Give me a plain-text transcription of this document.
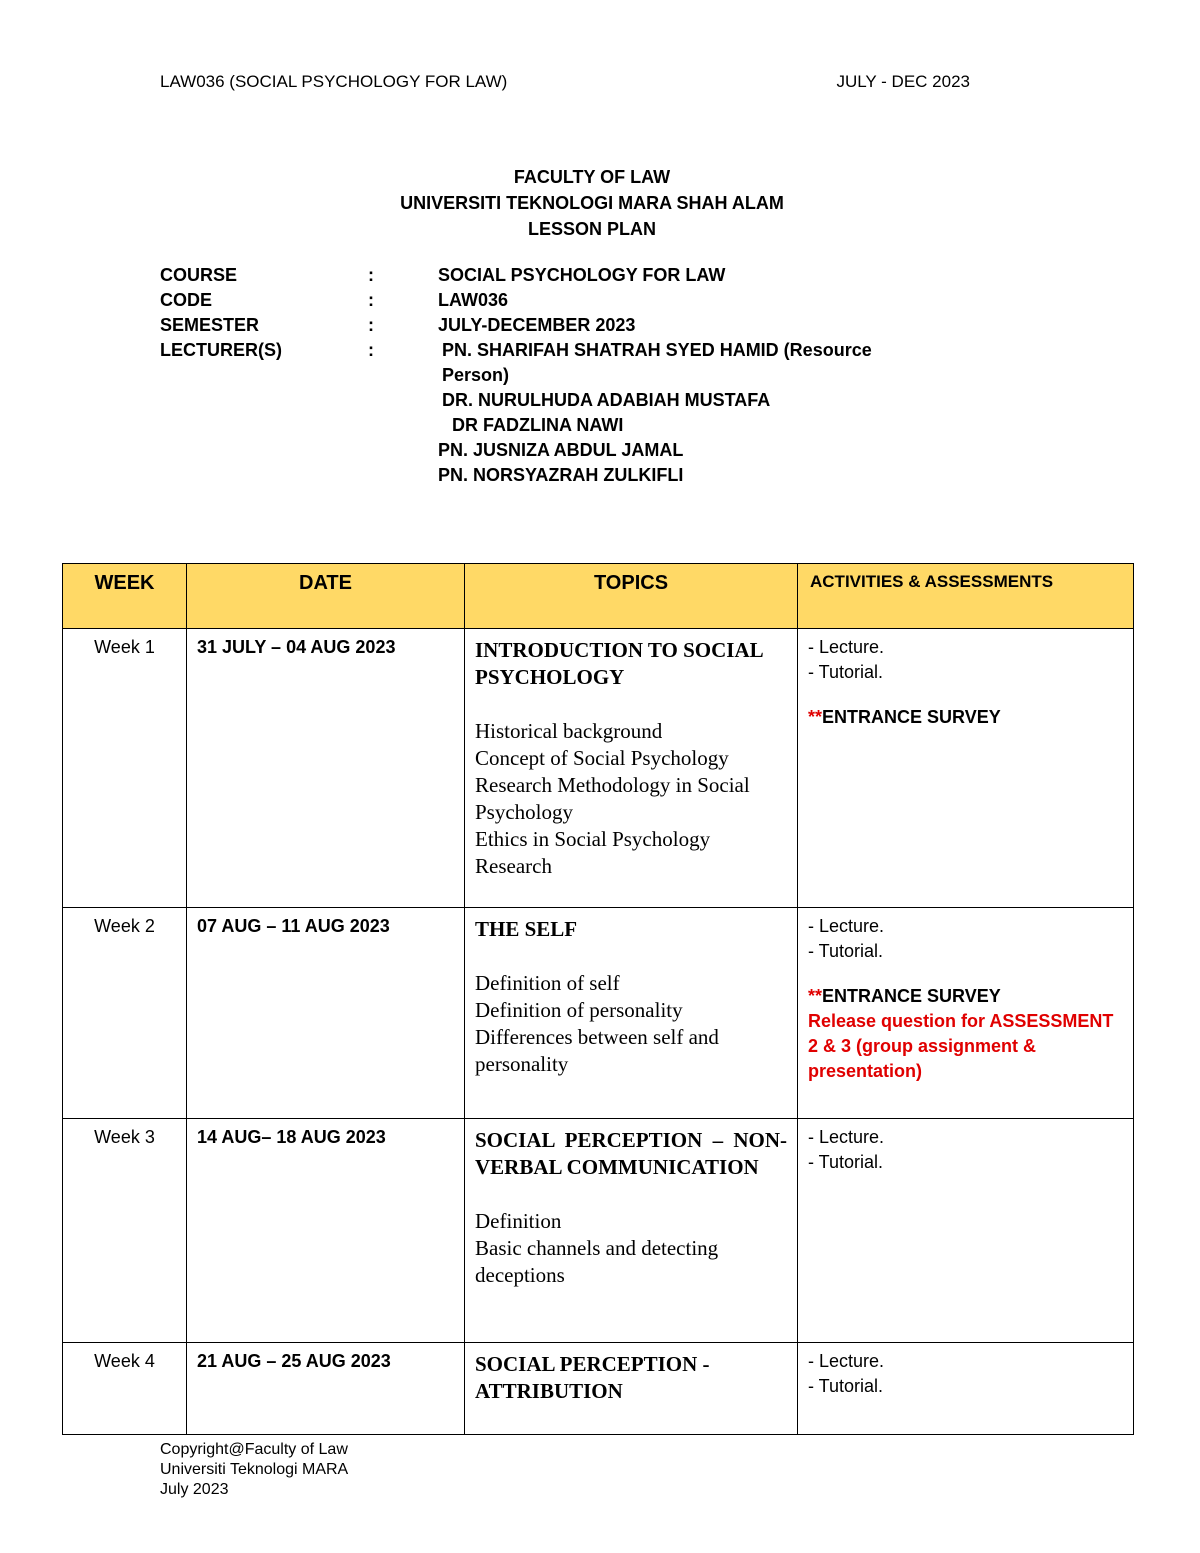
LAW036 (SOCIAL PSYCHOLOGY FOR LAW)	JULY - DEC 2023
FACULTY OF LAW
UNIVERSITI TEKNOLOGI MARA SHAH ALAM
LESSON PLAN
COURSE	:	SOCIAL PSYCHOLOGY FOR LAW
CODE	:	LAW036
SEMESTER	:	JULY-DECEMBER 2023
LECTURER(S)	:	PN. SHARIFAH SHATRAH SYED HAMID (Resource
Person)
DR. NURULHUDA ADABIAH MUSTAFA
DR FADZLINA NAWI
PN. JUSNIZA ABDUL JAMAL
PN. NORSYAZRAH ZULKIFLI
WEEK	DATE	TOPICS	ACTIVITIES & ASSESSMENTS
Week 1	31 JULY – 04 AUG 2023	INTRODUCTION TO SOCIAL PSYCHOLOGY
Historical background
Concept of Social Psychology
Research Methodology in Social Psychology
Ethics in Social Psychology Research	- Lecture.
- Tutorial.
**ENTRANCE SURVEY

Week 2	07 AUG – 11 AUG 2023	THE SELF
Definition of self
Definition of personality
Differences between self and personality	- Lecture.
- Tutorial.
**ENTRANCE SURVEY
Release question for ASSESSMENT 2 & 3 (group assignment & presentation)

Week 3	14 AUG– 18 AUG 2023	SOCIAL PERCEPTION – NON-VERBAL COMMUNICATION
Definition
Basic channels and detecting deceptions	- Lecture.
- Tutorial.

Week 4	21 AUG – 25 AUG 2023	SOCIAL PERCEPTION - ATTRIBUTION	- Lecture.
- Tutorial.
Copyright@Faculty of Law
Universiti Teknologi MARA
July 2023
